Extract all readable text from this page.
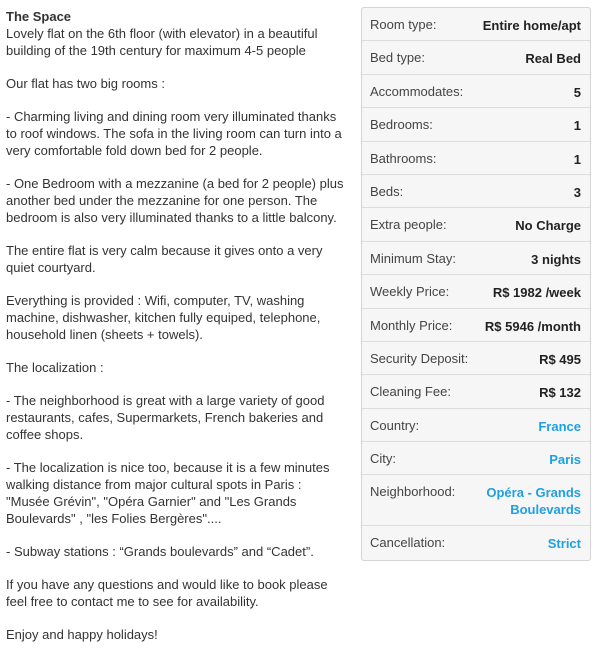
The Space

Lovely flat on the 6th floor (with elevator) in a beautiful building of the 19th century for maximum 4-5 people

Our flat has two big rooms :

- Charming living and dining room very illuminated thanks to roof windows. The sofa in the living room can turn into a very comfortable fold down bed for 2 people.

- One Bedroom with a mezzanine (a bed for 2 people) plus another bed under the mezzanine for one person. The bedroom is also very illuminated thanks to a little balcony.

The entire flat is very calm because it gives onto a very quiet courtyard.

Everything is provided : Wifi, computer, TV, washing machine, dishwasher, kitchen fully equiped, telephone, household linen (sheets + towels).

The localization :

- The neighborhood is great with a large variety of good restaurants, cafes, Supermarkets, French bakeries and coffee shops.

- The localization is nice too, because it is a few minutes walking distance from major cultural spots in Paris : "Musée Grévin", "Opéra Garnier" and "Les Grands Boulevards" , "les Folies Bergères"....

- Subway stations : “Grands boulevards” and “Cadet”.

If you have any questions and would like to book please feel free to contact me to see for availability.

Enjoy and happy holidays!

Room type:	Entire home/apt
Bed type:	Real Bed
Accommodates:	5
Bedrooms:	1
Bathrooms:	1
Beds:	3
Extra people:	No Charge
Minimum Stay:	3 nights
Weekly Price:	R$ 1982 /week
Monthly Price:	R$ 5946 /month
Security Deposit:	R$ 495
Cleaning Fee:	R$ 132
Country:	France
City:	Paris
Neighborhood:	Opéra - Grands Boulevards
Cancellation:	Strict
